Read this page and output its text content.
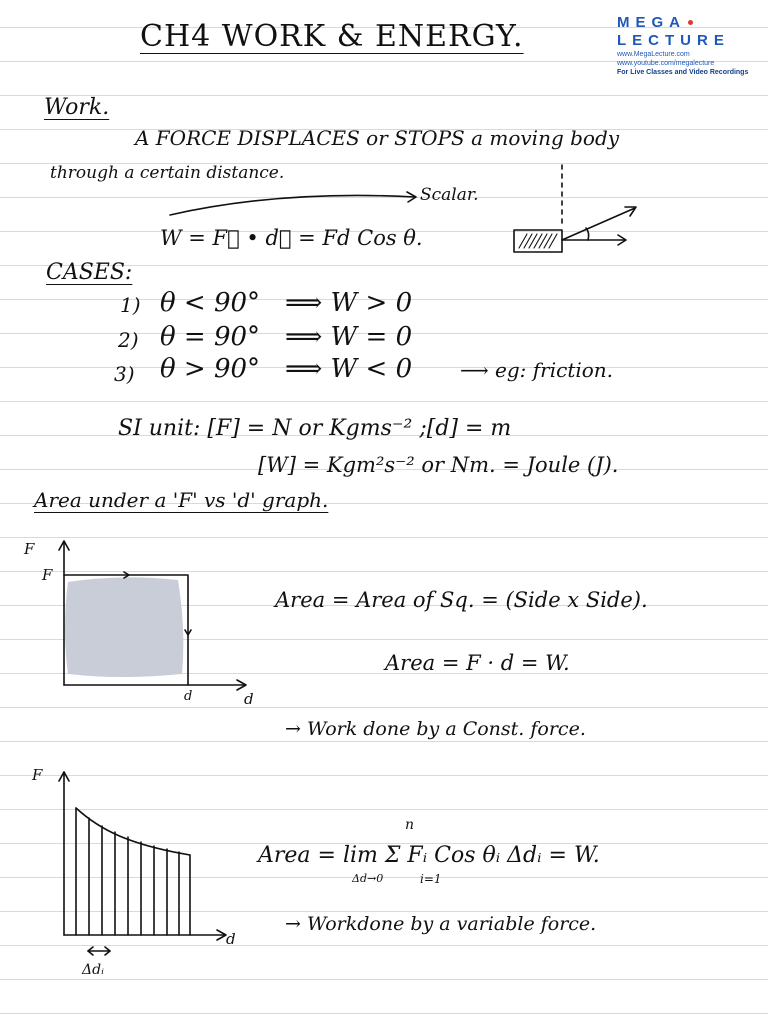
CH4 WORK & ENERGY.	MEGA
LECTURE
www.MegaLecture.com
www.youtube.com/megalecture
For Live Classes and Video Recordings
Work.
A FORCE DISPLACES or STOPS a moving body
through a certain distance.
Scalar.
W = F⃗ • d⃗ = Fd Cos θ.
CASES:
1) θ < 90° ⟹ W > 0
2) θ = 90° ⟹ W = 0
3) θ > 90° ⟹ W < 0 ⟶ eg: friction.
SI unit: [F] = N or Kgms⁻² ;[d] = m
[W] = Kgm²s⁻² or Nm. = Joule (J).
Area under a 'F' vs 'd' graph.
F
F
d	d
Area = Area of Sq. = (Side x Side).
Area = F · d = W.
→ Work done by a Const. force.
F
d
Δdᵢ
n
Area = lim Σ Fᵢ Cos θᵢ Δdᵢ = W.
Δd→0	i=1
→ Workdone by a variable force.
